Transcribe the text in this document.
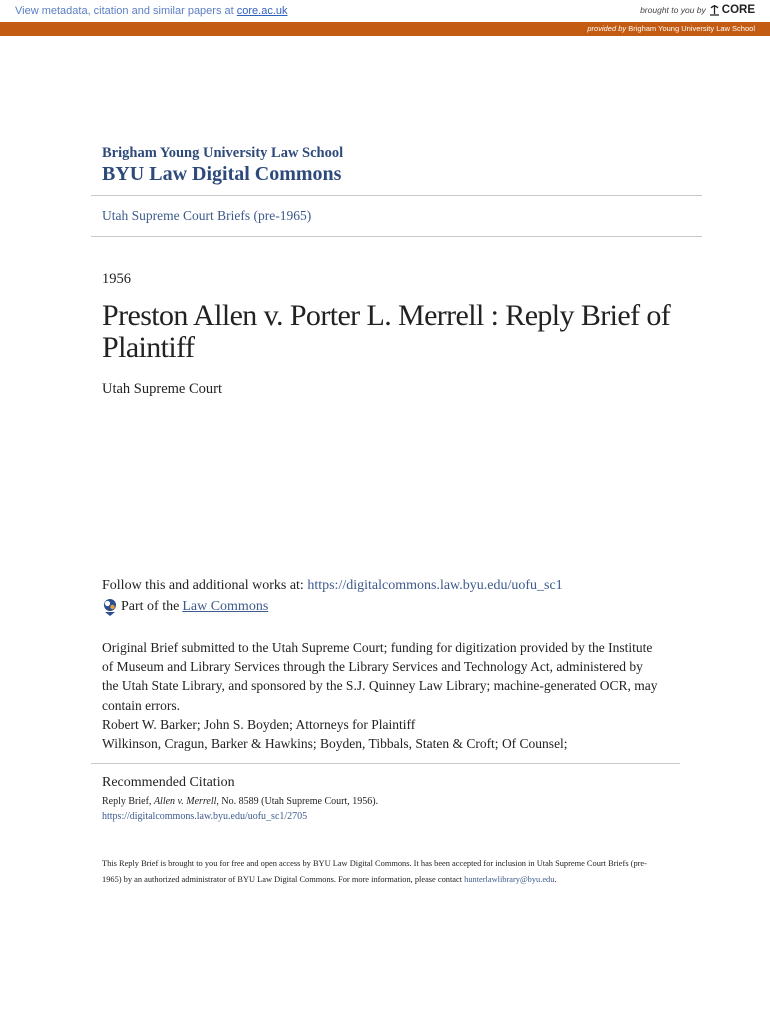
View metadata, citation and similar papers at core.ac.uk	brought to you by CORE
provided by Brigham Young University Law School
Brigham Young University Law School
BYU Law Digital Commons
Utah Supreme Court Briefs (pre-1965)
1956
Preston Allen v. Porter L. Merrell : Reply Brief of Plaintiff
Utah Supreme Court
Follow this and additional works at: https://digitalcommons.law.byu.edu/uofu_sc1
Part of the Law Commons

Original Brief submitted to the Utah Supreme Court; funding for digitization provided by the Institute of Museum and Library Services through the Library Services and Technology Act, administered by the Utah State Library, and sponsored by the S.J. Quinney Law Library; machine-generated OCR, may contain errors.

Robert W. Barker; John S. Boyden; Attorneys for Plaintiff

Wilkinson, Cragun, Barker & Hawkins; Boyden, Tibbals, Staten & Croft; Of Counsel;

Recommended Citation
Reply Brief, Allen v. Merrell, No. 8589 (Utah Supreme Court, 1956).
https://digitalcommons.law.byu.edu/uofu_sc1/2705
This Reply Brief is brought to you for free and open access by BYU Law Digital Commons. It has been accepted for inclusion in Utah Supreme Court Briefs (pre-1965) by an authorized administrator of BYU Law Digital Commons. For more information, please contact hunterlawlibrary@byu.edu.
